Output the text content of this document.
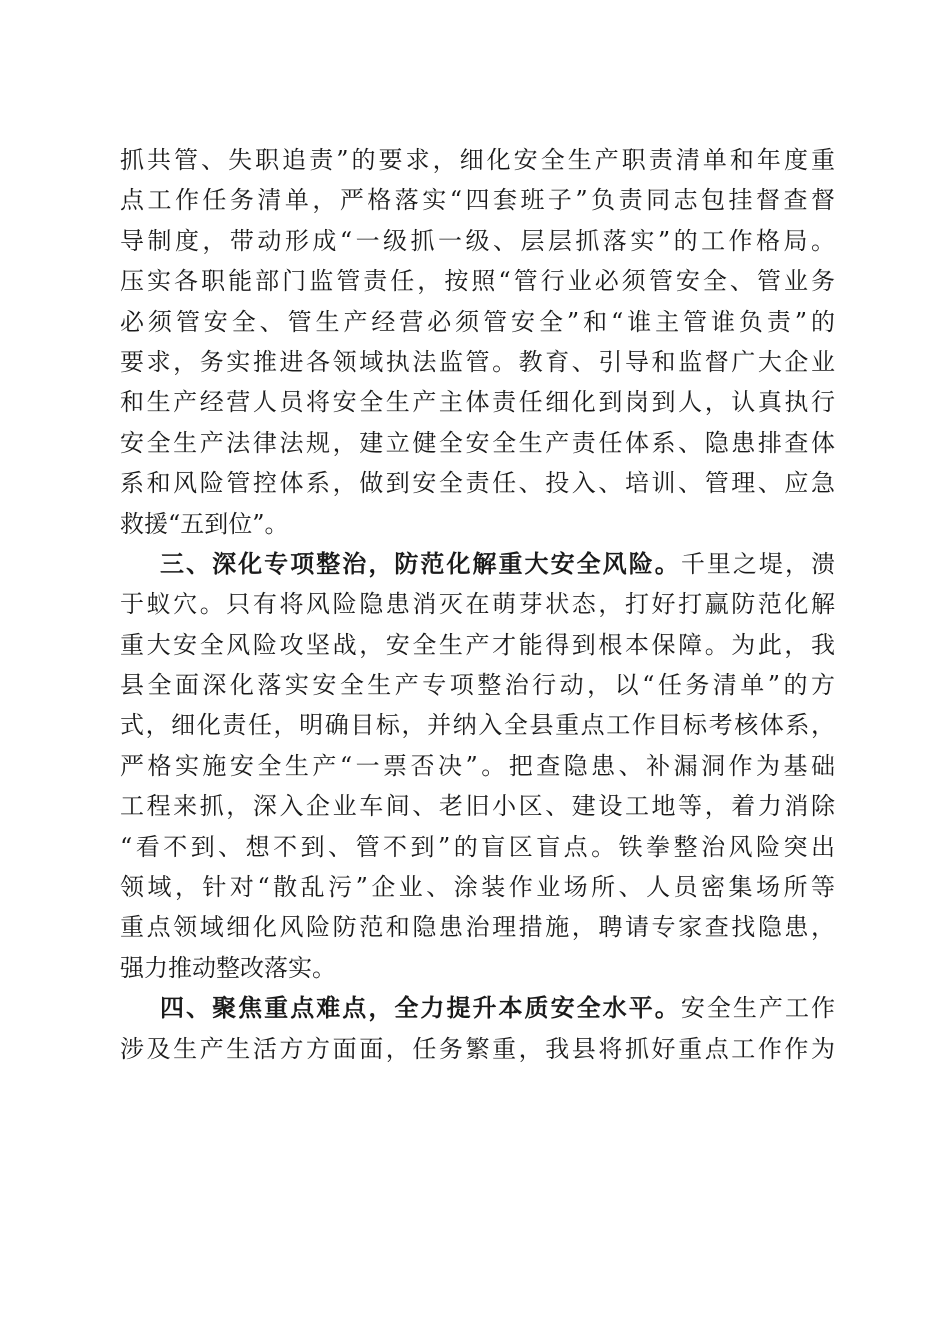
抓共管、失职追责”的要求，细化安全生产职责清单和年度重
点工作任务清单，严格落实“四套班子”负责同志包挂督查督
导制度，带动形成“一级抓一级、层层抓落实”的工作格局。
压实各职能部门监管责任，按照“管行业必须管安全、管业务
必须管安全、管生产经营必须管安全”和“谁主管谁负责”的
要求，务实推进各领域执法监管。教育、引导和监督广大企业
和生产经营人员将安全生产主体责任细化到岗到人，认真执行
安全生产法律法规，建立健全安全生产责任体系、隐患排查体
系和风险管控体系，做到安全责任、投入、培训、管理、应急
救援“五到位”。
三、深化专项整治，防范化解重大安全风险。千里之堤，溃
于蚁穴。只有将风险隐患消灭在萌芽状态，打好打赢防范化解
重大安全风险攻坚战，安全生产才能得到根本保障。为此，我
县全面深化落实安全生产专项整治行动，以“任务清单”的方
式，细化责任，明确目标，并纳入全县重点工作目标考核体系，
严格实施安全生产“一票否决”。把查隐患、补漏洞作为基础
工程来抓，深入企业车间、老旧小区、建设工地等，着力消除
“看不到、想不到、管不到”的盲区盲点。铁拳整治风险突出
领域，针对“散乱污”企业、涂装作业场所、人员密集场所等
重点领域细化风险防范和隐患治理措施，聘请专家查找隐患，
强力推动整改落实。
四、聚焦重点难点，全力提升本质安全水平。安全生产工作
涉及生产生活方方面面，任务繁重，我县将抓好重点工作作为
